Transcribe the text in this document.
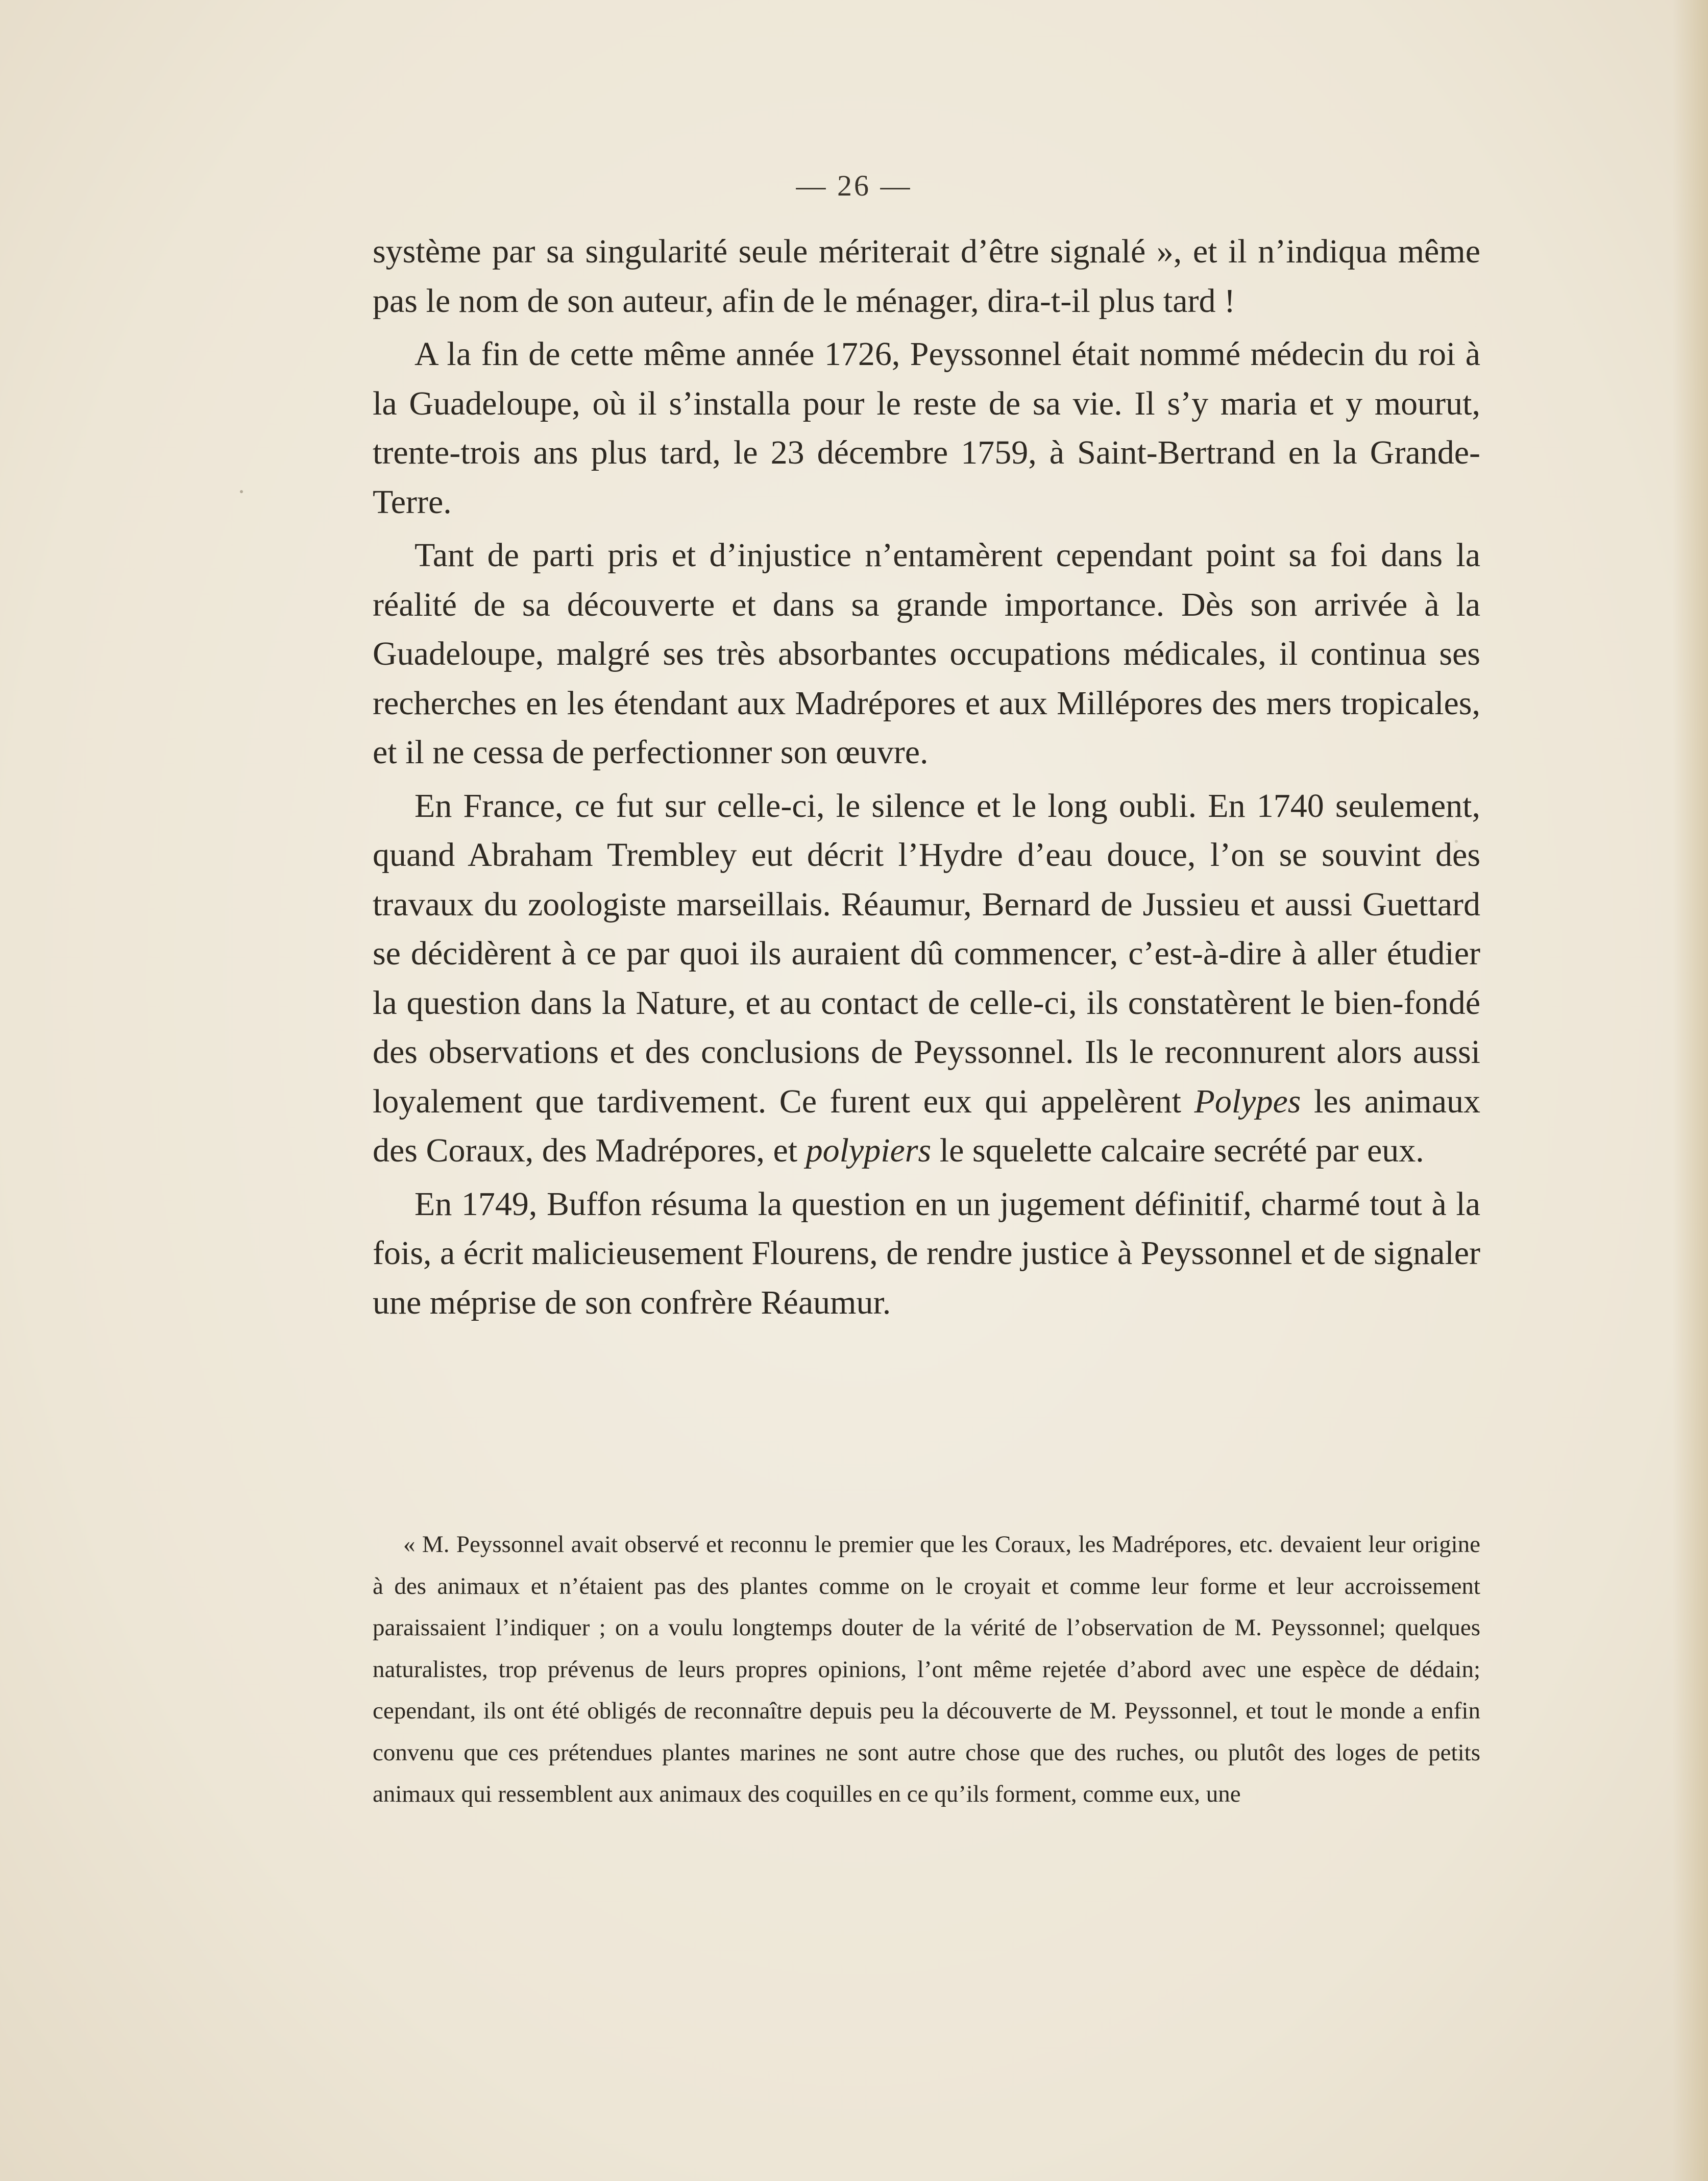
— 26 —

système par sa singularité seule mériterait d’être signalé », et il n’indiqua même pas le nom de son auteur, afin de le ménager, dira-t-il plus tard !

A la fin de cette même année 1726, Peyssonnel était nommé médecin du roi à la Guadeloupe, où il s’installa pour le reste de sa vie. Il s’y maria et y mourut, trente-trois ans plus tard, le 23 décembre 1759, à Saint-Bertrand en la Grande-Terre.

Tant de parti pris et d’injustice n’entamèrent cependant point sa foi dans la réalité de sa découverte et dans sa grande importance. Dès son arrivée à la Guadeloupe, malgré ses très absorbantes occupations médicales, il continua ses recherches en les étendant aux Madrépores et aux Millépores des mers tropicales, et il ne cessa de perfectionner son œuvre.

En France, ce fut sur celle-ci, le silence et le long oubli. En 1740 seulement, quand Abraham Trembley eut décrit l’Hydre d’eau douce, l’on se souvint des travaux du zoologiste marseillais. Réaumur, Bernard de Jussieu et aussi Guettard se décidèrent à ce par quoi ils auraient dû commencer, c’est-à-dire à aller étudier la question dans la Nature, et au contact de celle-ci, ils constatèrent le bien-fondé des observations et des conclusions de Peyssonnel. Ils le reconnurent alors aussi loyalement que tardivement. Ce furent eux qui appelèrent Polypes les animaux des Coraux, des Madrépores, et polypiers le squelette calcaire secrété par eux.

En 1749, Buffon résuma la question en un jugement définitif, charmé tout à la fois, a écrit malicieusement Flourens, de rendre justice à Peyssonnel et de signaler une méprise de son confrère Réaumur.

« M. Peyssonnel avait observé et reconnu le premier que les Coraux, les Madrépores, etc. devaient leur origine à des animaux et n’étaient pas des plantes comme on le croyait et comme leur forme et leur accroissement paraissaient l’indiquer ; on a voulu longtemps douter de la vérité de l’observation de M. Peyssonnel; quelques naturalistes, trop prévenus de leurs propres opinions, l’ont même rejetée d’abord avec une espèce de dédain; cependant, ils ont été obligés de reconnaître depuis peu la découverte de M. Peyssonnel, et tout le monde a enfin convenu que ces prétendues plantes marines ne sont autre chose que des ruches, ou plutôt des loges de petits animaux qui ressemblent aux animaux des coquilles en ce qu’ils forment, comme eux, une
